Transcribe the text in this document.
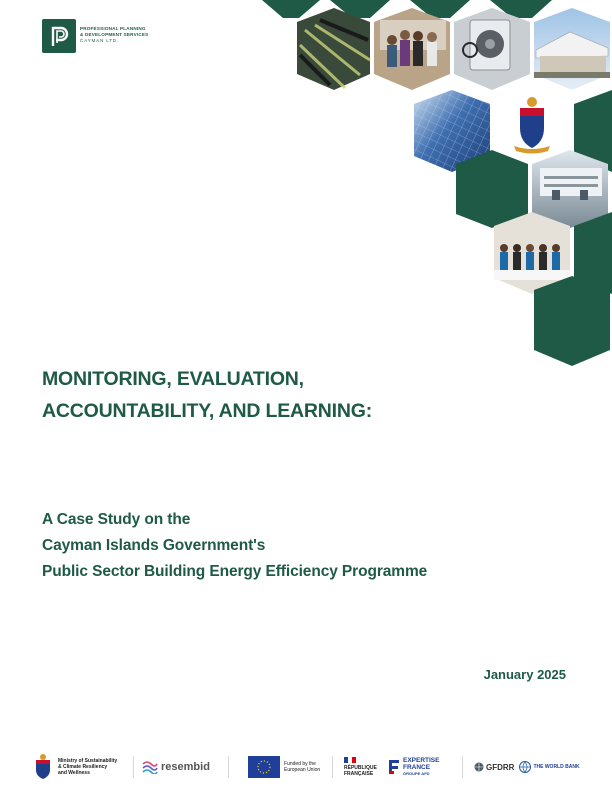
PROFESSIONAL PLANNING
& DEVELOPMENT SERVICES
CAYMAN LTD.
MONITORING, EVALUATION,
ACCOUNTABILITY, AND LEARNING:
A Case Study on the
Cayman Islands Government's
Public Sector Building Energy Efficiency Programme
January 2025
Ministry of Sustainability
& Climate Resiliency
and Wellness	resembid	Funded by the
European Union	RÉPUBLIQUE
FRANÇAISE
EXPERTISE
FRANCE
GROUPE AFD
GFDRR	THE WORLD BANK
